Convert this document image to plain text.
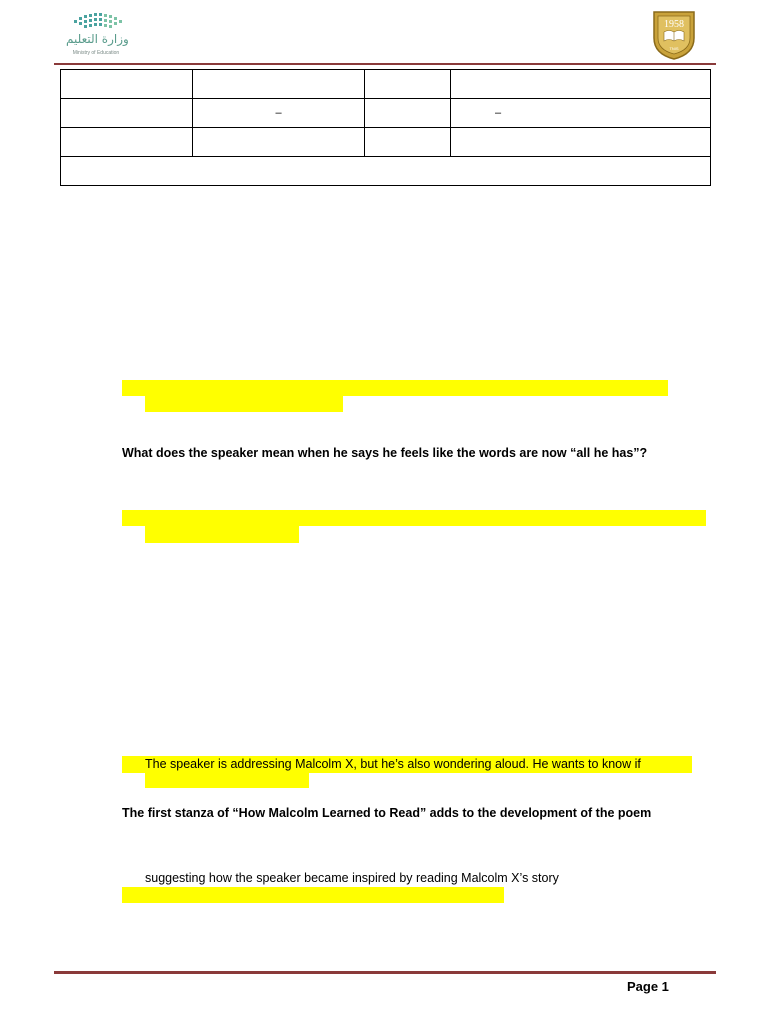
وزارة التعليم
Ministry of Education
1958
TNIS

	–		–

What does the speaker mean when he says he feels like the words are now “all he has”?
The speaker is addressing Malcolm X, but he’s also wondering aloud. He wants to know if
The first stanza of “How Malcolm Learned to Read” adds to the development of the poem
suggesting how the speaker became inspired by reading Malcolm X’s story
Page 1
